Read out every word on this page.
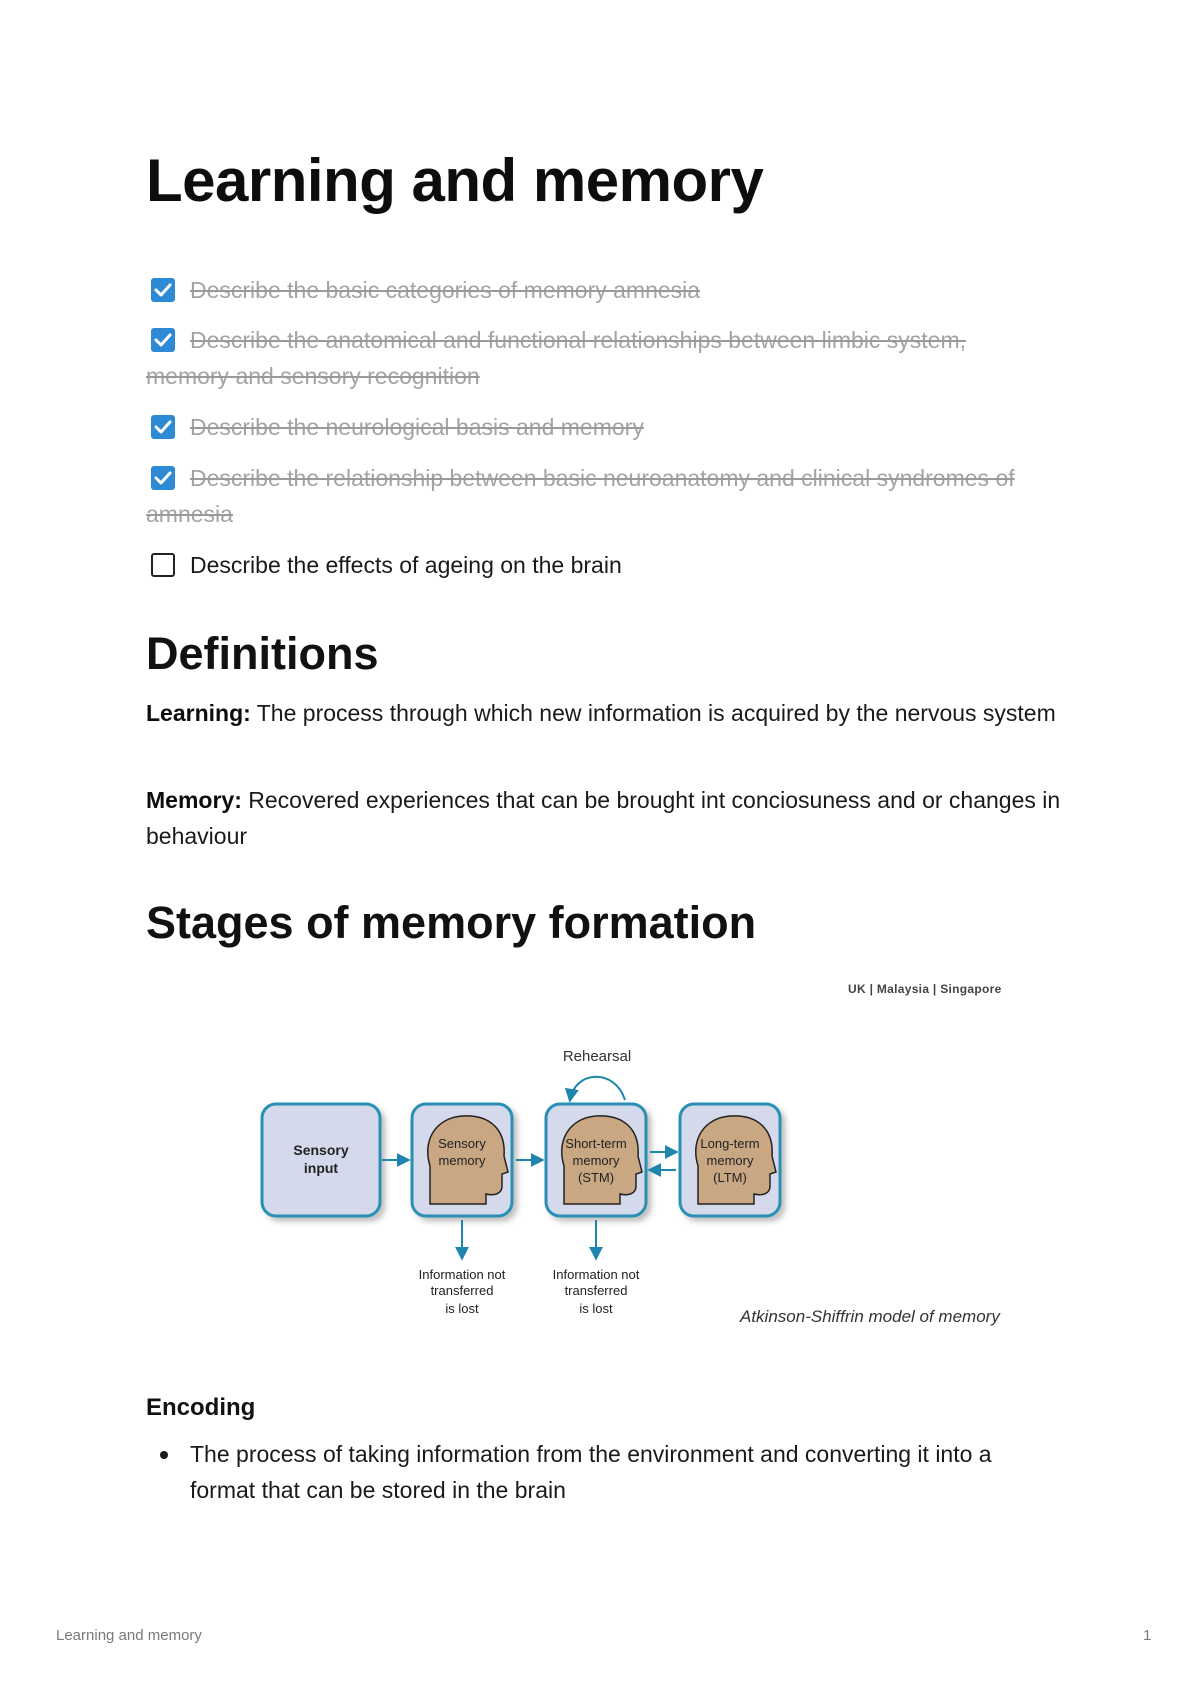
Learning and memory
Describe the basic categories of memory amnesia
Describe the anatomical and functional relationships between limbic system, memory and sensory recognition
Describe the neurological basis and memory
Describe the relationship between basic neuroanatomy and clinical syndromes of amnesia
Describe the effects of ageing on the brain
Definitions
Learning: The process through which new information is acquired by the nervous system
Memory: Recovered experiences that can be brought int conciosuness and or changes in behaviour
Stages of memory formation
UK | Malaysia | Singapore
Rehearsal
Sensory
input
Sensory
memory
Short-term
memory
(STM)
Long-term
memory
(LTM)
Information not
transferred
is lost
Information not
transferred
is lost	Atkinson-Shiffrin model of memory
Encoding
The process of taking information from the environment and converting it into a format that can be stored in the brain
Learning and memory	1
